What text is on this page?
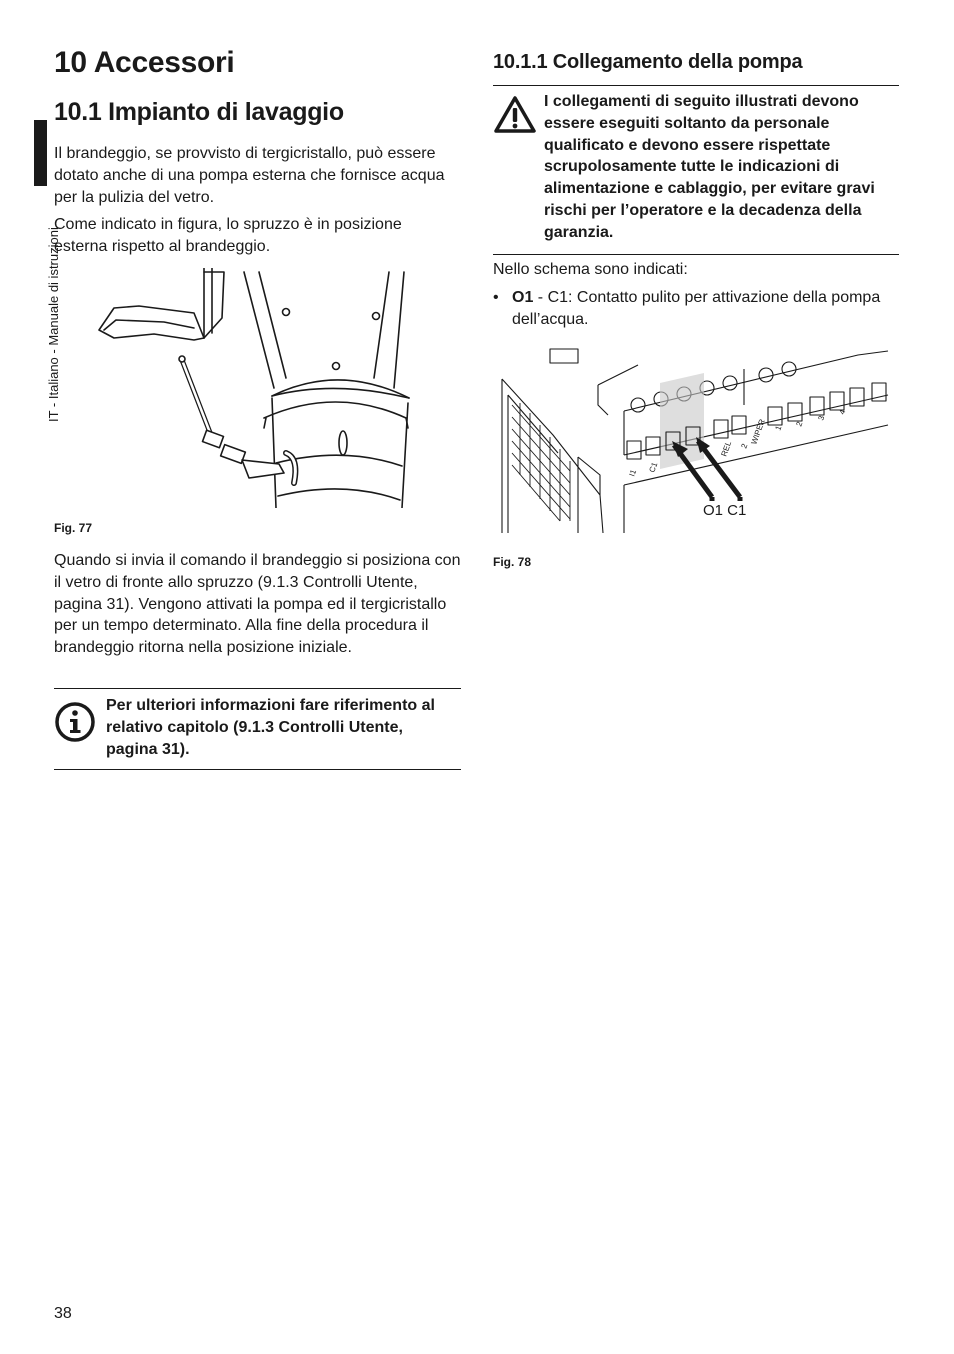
10 Accessori
10.1 Impianto di lavaggio
10.1.1 Collegamento della pompa
IT - Italiano - Manuale di istruzioni

Il brandeggio, se provvisto di tergicristallo, può essere dotato anche di una pompa esterna che fornisce acqua per la pulizia del vetro.

Come indicato in figura, lo spruzzo è in posizione esterna rispetto al brandeggio.

Fig. 77

Quando si invia il comando il brandeggio si posiziona con il vetro di fronte allo spruzzo (9.1.3 Controlli Utente, pagina 31). Vengono attivati la pompa ed il tergicristallo per un tempo determinato. Alla fine della procedura il brandeggio ritorna nella posizione iniziale.

Per ulteriori informazioni fare riferimento al relativo capitolo (9.1.3 Controlli Utente, pagina 31).

I collegamenti di seguito illustrati devono essere eseguiti soltanto da personale qualificato e devono essere rispettate scrupolosamente tutte le indicazioni di alimentazione e cablaggio, per evitare gravi rischi per l’operatore e la decadenza della garanzia.

Nello schema sono indicati:

• O1 - C1: Contatto pulito per attivazione della pompa dell’acqua.
I1 C1
1
2
3
4
REL 2
WIPER
O1 C1

Fig. 78

38
